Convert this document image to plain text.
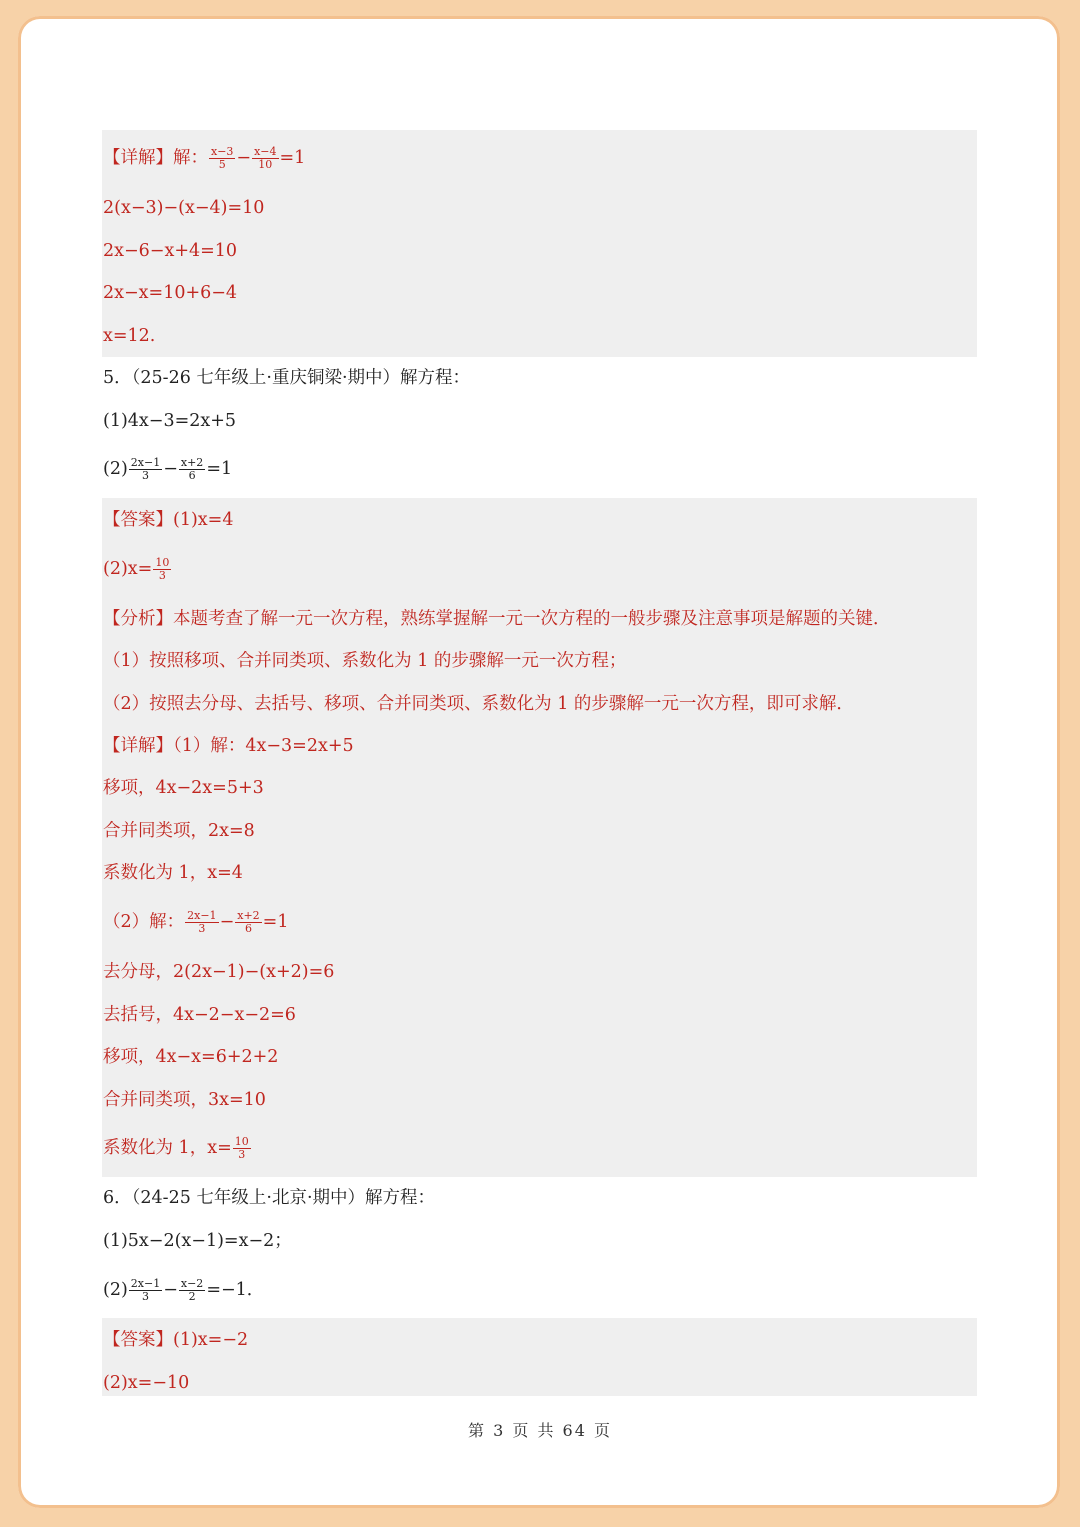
【详解】解： $\frac{x-3}{5} - \frac{x-4}{10} =1$
2(x−3)−(x−4)=10
2x−6−x+4=10
2x−x=10+6−4
x=12.
5．（25-26 七年级上·重庆铜梁·期中）解方程：
(1)4x−3=2x+5
$(2) \frac{2x-1}{3} - \frac{x+2}{6} =1$
【答案】(1)x=4
$(2)x= \frac{10}{3}$
【分析】本题考查了解一元一次方程，熟练掌握解一元一次方程的一般步骤及注意事项是解题的关键．
（1）按照移项、合并同类项、系数化为 1 的步骤解一元一次方程；
（2）按照去分母、去括号、移项、合并同类项、系数化为 1 的步骤解一元一次方程，即可求解．
【详解】（1）解：4x−3=2x+5
移项，4x−2x=5+3
合并同类项，2x=8
系数化为 1，x=4
（2）解： $\frac{2x-1}{3} - \frac{x+2}{6} =1$
去分母，2(2x−1)−(x+2)=6
去括号，4x−2−x−2=6
移项，4x−x=6+2+2
合并同类项，3x=10
系数化为 1，$x= \frac{10}{3}$
6．（24-25 七年级上·北京·期中）解方程：
(1)5x−2(x−1)=x−2；
$(2) \frac{2x-1}{3} - \frac{x-2}{2} =-1$．
【答案】(1)x=−2
(2)x=−10
第 3 页 共 64 页
